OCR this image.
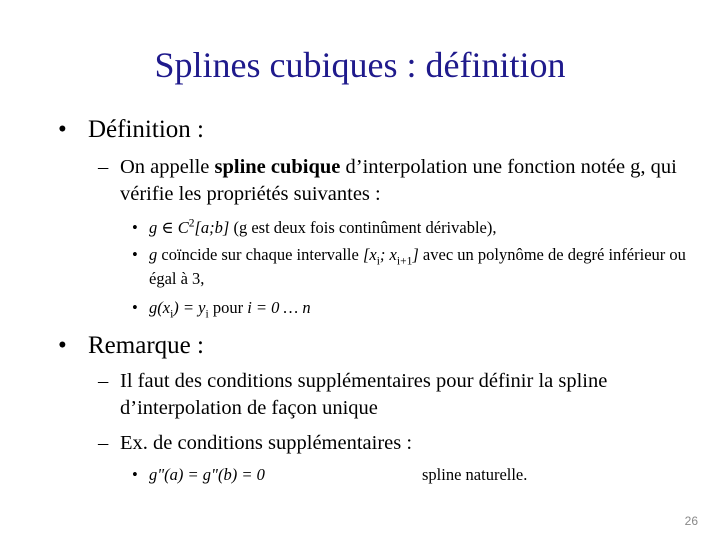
Splines cubiques : définition
• Définition :
– On appelle spline cubique d’interpolation une fonction notée g, qui vérifie les propriétés suivantes :
• g ∈ $C^2[a;b]$ (g est deux fois continûment dérivable),
• g coïncide sur chaque intervalle [$x_i$; $x_{i+1}$] avec un polynôme de degré inférieur ou égal à 3,
• $g(x_i) = y_i$ pour i = 0 … n
• Remarque :
– Il faut des conditions supplémentaires pour définir la spline d’interpolation de façon unique
– Ex. de conditions supplémentaires :
• g"(a) = g"(b) = 0	spline naturelle.
26
